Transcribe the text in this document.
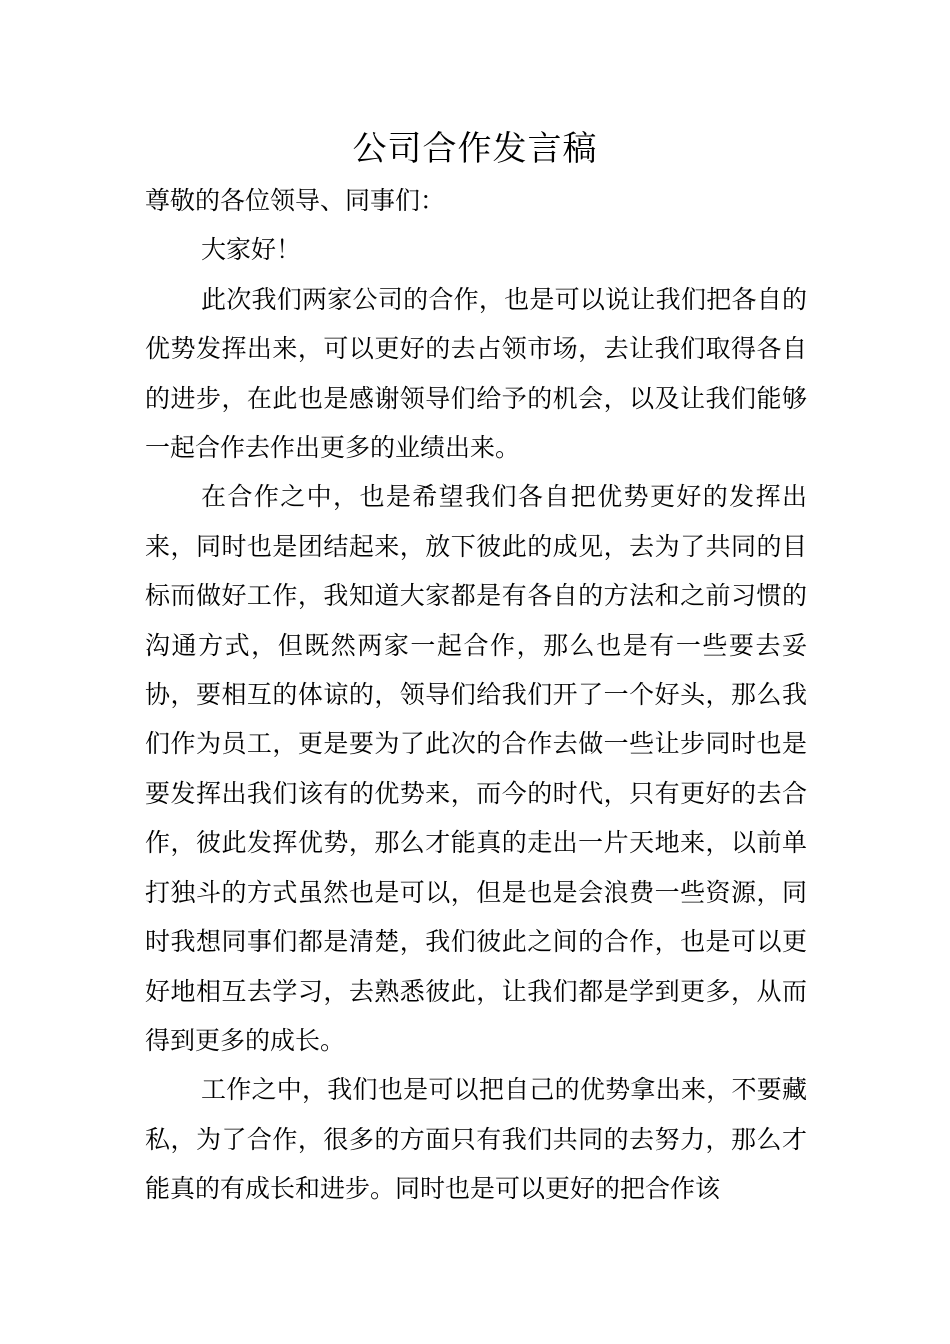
公司合作发言稿

尊敬的各位领导、同事们：

大家好！

此次我们两家公司的合作，也是可以说让我们把各自的优势发挥出来，可以更好的去占领市场，去让我们取得各自的进步，在此也是感谢领导们给予的机会，以及让我们能够一起合作去作出更多的业绩出来。

在合作之中，也是希望我们各自把优势更好的发挥出来，同时也是团结起来，放下彼此的成见，去为了共同的目标而做好工作，我知道大家都是有各自的方法和之前习惯的沟通方式，但既然两家一起合作，那么也是有一些要去妥协，要相互的体谅的，领导们给我们开了一个好头，那么我们作为员工，更是要为了此次的合作去做一些让步同时也是要发挥出我们该有的优势来，而今的时代，只有更好的去合作，彼此发挥优势，那么才能真的走出一片天地来，以前单打独斗的方式虽然也是可以，但是也是会浪费一些资源，同时我想同事们都是清楚，我们彼此之间的合作，也是可以更好地相互去学习，去熟悉彼此，让我们都是学到更多，从而得到更多的成长。

工作之中，我们也是可以把自己的优势拿出来，不要藏私，为了合作，很多的方面只有我们共同的去努力，那么才能真的有成长和进步。同时也是可以更好的把合作该
